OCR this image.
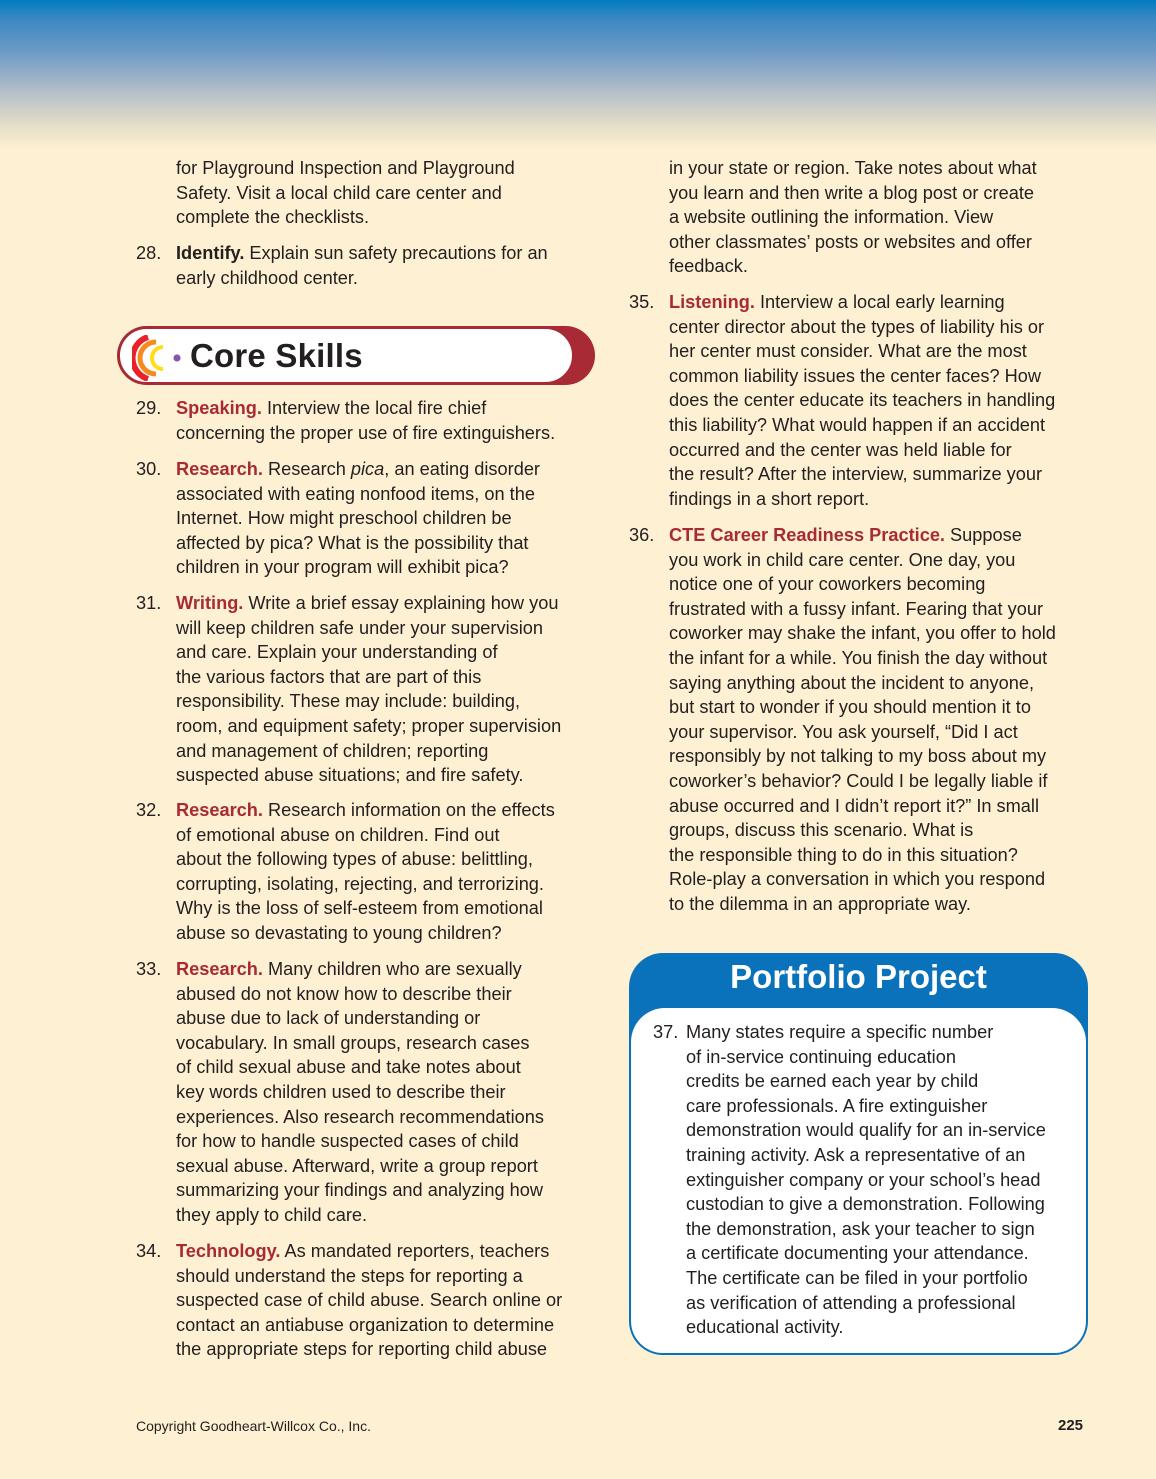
for Playground Inspection and Playground
Safety. Visit a local child care center and
complete the checklists.
28. Identify. Explain sun safety precautions for an
early childhood center.
29. Speaking. Interview the local fire chief
concerning the proper use of fire extinguishers.
30. Research. Research pica, an eating disorder
associated with eating nonfood items, on the
Internet. How might preschool children be
affected by pica? What is the possibility that
children in your program will exhibit pica?
31. Writing. Write a brief essay explaining how you
will keep children safe under your supervision
and care. Explain your understanding of
the various factors that are part of this
responsibility. These may include: building,
room, and equipment safety; proper supervision
and management of children; reporting
suspected abuse situations; and fire safety.
32. Research. Research information on the effects
of emotional abuse on children. Find out
about the following types of abuse: belittling,
corrupting, isolating, rejecting, and terrorizing.
Why is the loss of self-esteem from emotional
abuse so devastating to young children?
33. Research. Many children who are sexually
abused do not know how to describe their
abuse due to lack of understanding or
vocabulary. In small groups, research cases
of child sexual abuse and take notes about
key words children used to describe their
experiences. Also research recommendations
for how to handle suspected cases of child
sexual abuse. Afterward, write a group report
summarizing your findings and analyzing how
they apply to child care.
34. Technology. As mandated reporters, teachers
should understand the steps for reporting a
suspected case of child abuse. Search online or
contact an antiabuse organization to determine
the appropriate steps for reporting child abuse
Core Skills
in your state or region. Take notes about what
you learn and then write a blog post or create
a website outlining the information. View
other classmates’ posts or websites and offer
feedback.
35. Listening. Interview a local early learning
center director about the types of liability his or
her center must consider. What are the most
common liability issues the center faces? How
does the center educate its teachers in handling
this liability? What would happen if an accident
occurred and the center was held liable for
the result? After the interview, summarize your
findings in a short report.
36. CTE Career Readiness Practice. Suppose
you work in child care center. One day, you
notice one of your coworkers becoming
frustrated with a fussy infant. Fearing that your
coworker may shake the infant, you offer to hold
the infant for a while. You finish the day without
saying anything about the incident to anyone,
but start to wonder if you should mention it to
your supervisor. You ask yourself, “Did I act
responsibly by not talking to my boss about my
coworker’s behavior? Could I be legally liable if
abuse occurred and I didn’t report it?” In small
groups, discuss this scenario. What is
the responsible thing to do in this situation?
Role-play a conversation in which you respond
to the dilemma in an appropriate way.
Portfolio Project
37. Many states require a specific number
of in-service continuing education
credits be earned each year by child
care professionals. A fire extinguisher
demonstration would qualify for an in-service
training activity. Ask a representative of an
extinguisher company or your school’s head
custodian to give a demonstration. Following
the demonstration, ask your teacher to sign
a certificate documenting your attendance.
The certificate can be filed in your portfolio
as verification of attending a professional
educational activity.
Copyright Goodheart-Willcox Co., Inc.	225
